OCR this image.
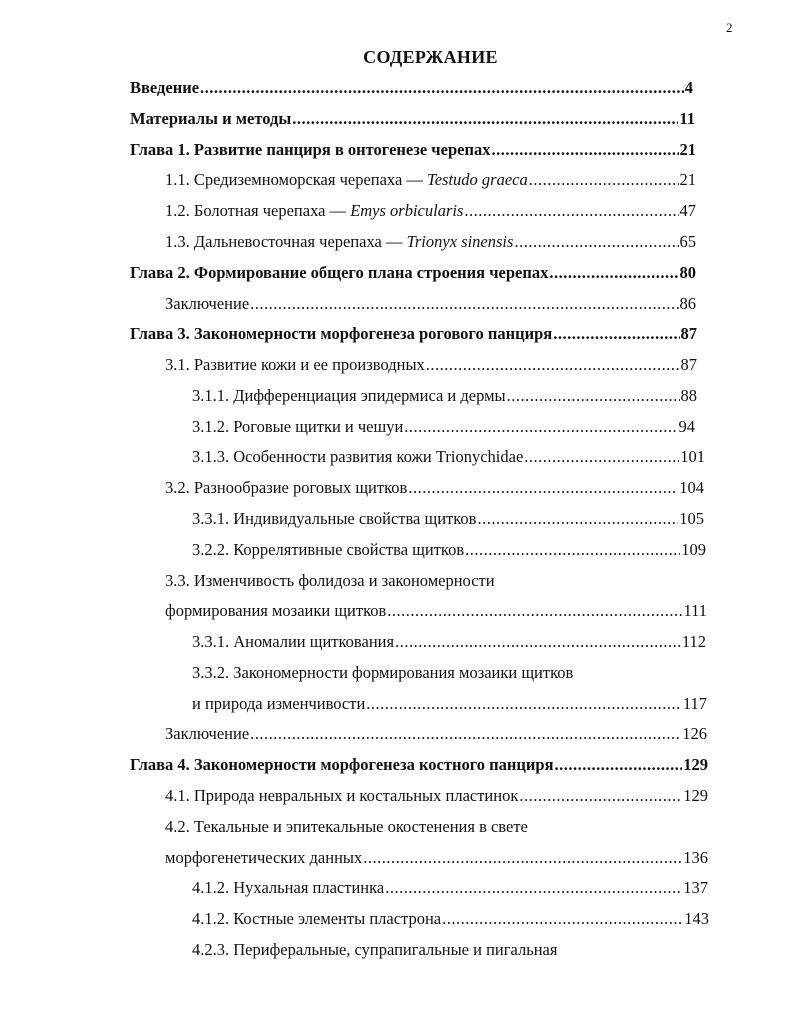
2
СОДЕРЖАНИЕ
Введение .....	4
Материалы и методы .....	11
Глава 1. Развитие панциря в онтогенезе черепах .....	21
1.1. Средиземноморская черепаха — Testudo graeca .....	21
1.2. Болотная черепаха — Emys orbicularis .....	47
1.3. Дальневосточная черепаха — Trionyx sinensis .....	65
Глава 2. Формирование общего плана строения черепах .....	80
Заключение .....	86
Глава 3. Закономерности морфогенеза рогового панциря .....	87
3.1. Развитие кожи и ее производных .....	87
3.1.1. Дифференциация эпидермиса и дермы .....	88
3.1.2. Роговые щитки и чешуи .....	94
3.1.3. Особенности развития кожи Trionychidae .....	101
3.2. Разнообразие роговых щитков .....	104
3.3.1. Индивидуальные свойства щитков .....	105
3.2.2. Коррелятивные свойства щитков .....	109
3.3. Изменчивость фолидоза и закономерности
формирования мозаики щитков .....	111
3.3.1. Аномалии щиткования .....	112
3.3.2. Закономерности формирования мозаики щитков
и природа изменчивости .....	117
Заключение .....	126
Глава 4. Закономерности морфогенеза костного панциря .....	129
4.1. Природа невральных и костальных пластинок .....	129
4.2. Текальные и эпитекальные окостенения в свете
морфогенетических данных .....	136
4.1.2. Нухальная пластинка .....	137
4.1.2. Костные элементы пластрона .....	143
4.2.3. Периферальные, супрапигальные и пигальная
